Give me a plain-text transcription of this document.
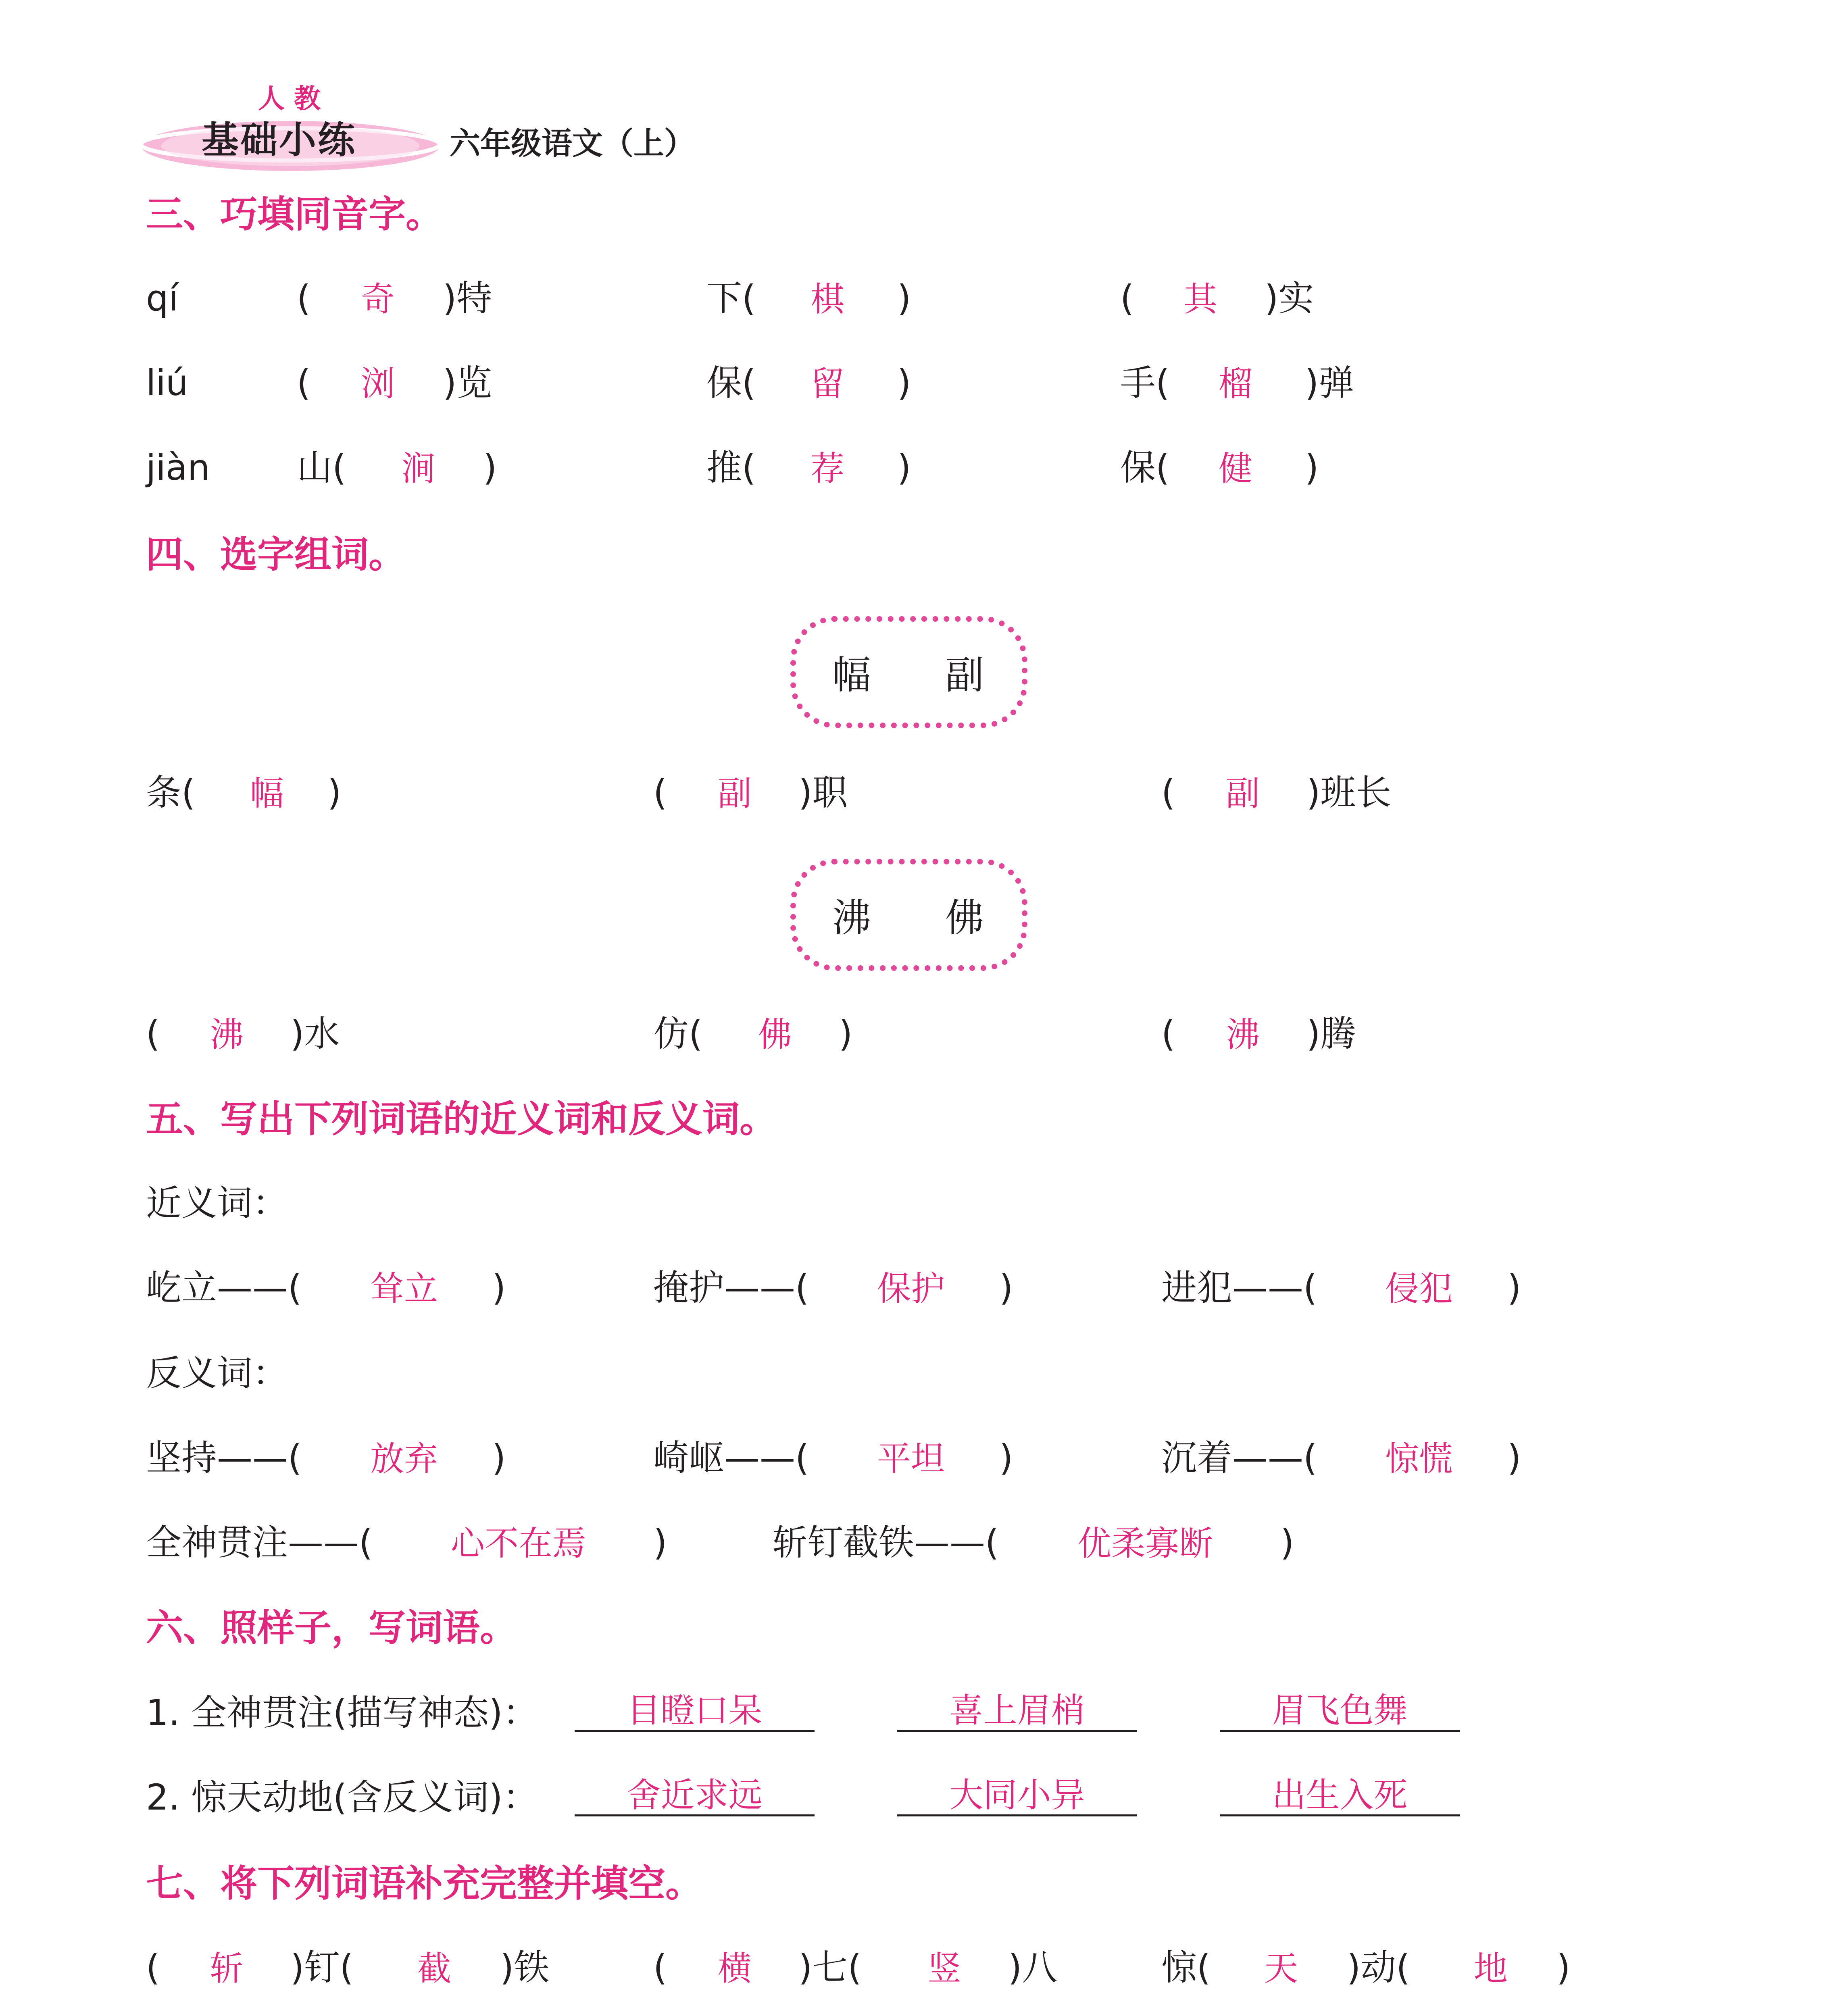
人 教
基础小练	六年级语文（上）
三、巧填同音字。
qí	( 奇 )特	下( 棋 )	( 其 )实
liú	( 浏 )览	保( 留 )	手( 榴 )弹
jiàn 山( 涧 )	推( 荐 )	保( 健 )
四、选字组词。
幅 副
条( 幅 )	( 副 )职	( 副 )班长
沸 佛
( 沸 )水	仿( 佛 )	( 沸 )腾
五、写出下列词语的近义词和反义词。
近义词：
屹立——( 耸立 )	掩护——( 保护 )	进犯——( 侵犯 )
反义词：
坚持——( 放弃 )	崎岖——( 平坦 )	沉着——( 惊慌 )
全神贯注——( 心不在焉 )	斩钉截铁——( 优柔寡断 )
六、照样子，写词语。
1. 全神贯注(描写神态)：	目瞪口呆	喜上眉梢	眉飞色舞
2. 惊天动地(含反义词)：	舍近求远	大同小异	出生入死
七、将下列词语补充完整并填空。
( 斩 )钉( 截 )铁	( 横 )七( 竖 )八	惊( 天 )动( 地 )
